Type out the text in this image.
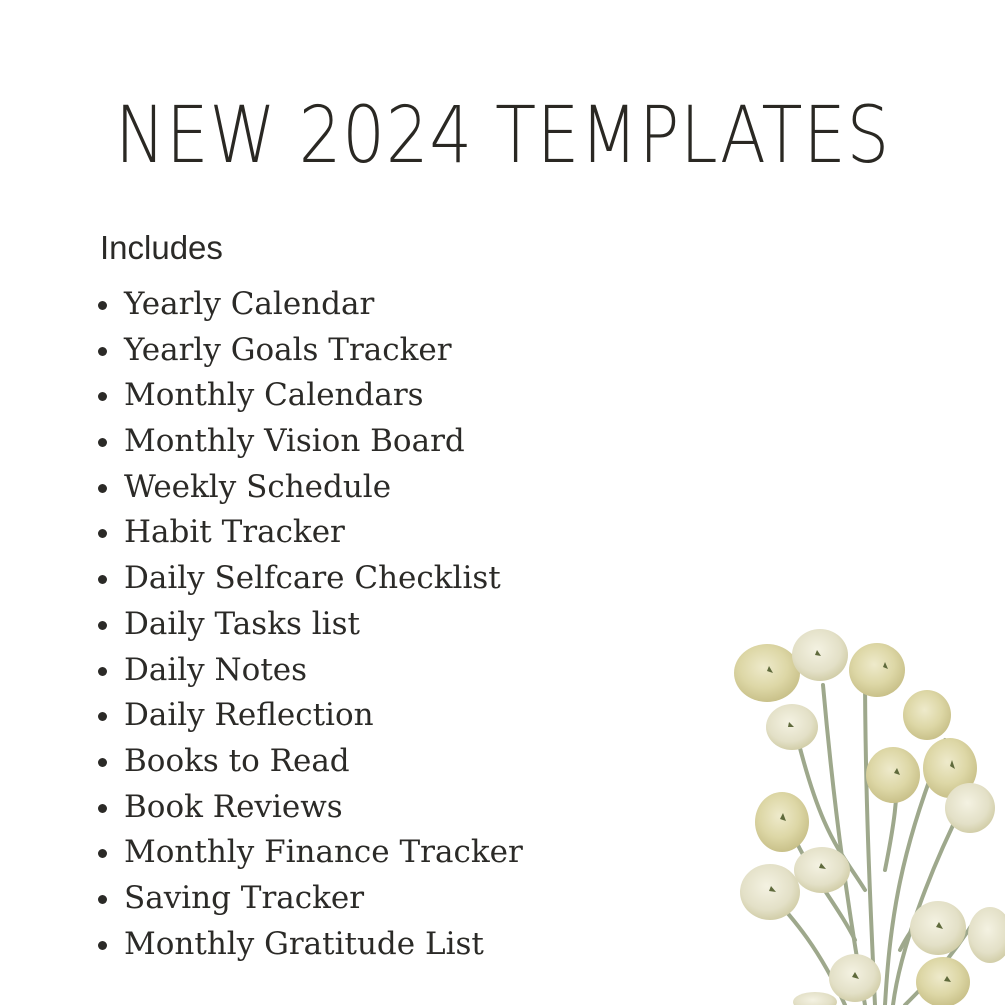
NEW 2024 TEMPLATES
Includes
Yearly Calendar
Yearly Goals Tracker
Monthly Calendars
Monthly Vision Board
Weekly Schedule
Habit Tracker
Daily Selfcare Checklist
Daily Tasks list
Daily Notes
Daily Reflection
Books to Read
Book Reviews
Monthly Finance Tracker
Saving Tracker
Monthly Gratitude List
